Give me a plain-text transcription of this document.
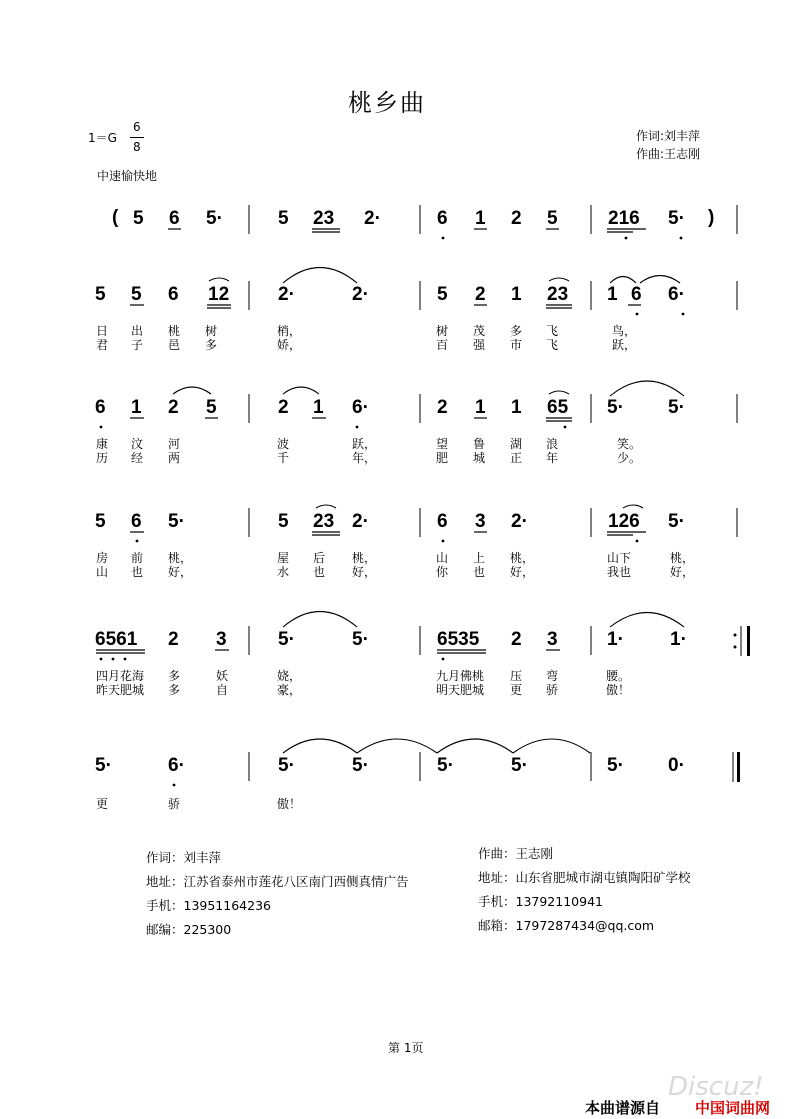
桃乡曲
1＝G
6
8
中速愉快地
作词:刘丰萍
作曲:王志刚
( 5 6 5·	5 23 2·	6 1 2 5	216 5· )
5 5 6 12	2·	2·	5 2 1 23 1 6 6·
日 出 桃 树	梢，	树 茂 多 飞	鸟，
君 子 邑 多	娇，	百 强 市 飞	跃，
6 1 2 5	2 1 6·	2 1 1 65 5· 5·
康 汶 河	波	跃，	望 鲁 湖 浪	笑。
历 经 两	千	年，	肥 城 正 年	少。
5 6 5·	5 23 2·	6 3 2·	126 5·
房 前 桃，	屋 后 桃，	山 上 桃，	山下	桃，
山 也 好，	水 也 好，	你 也 好，	我也	好，
6561 2 3	5·	5·	6535 2 3	1· 1·
四月花海 多	妖	娆，	九月佛桃 压 弯	腰。
昨天肥城 多	自	豪，	明天肥城 更 骄	傲！
5·	6·	5·	5·	5·	5·	5· 0·
更	骄	傲！
作词：刘丰萍
地址：江苏省泰州市莲花八区南门西侧真情广告
手机：13951164236
邮编：225300
作曲：王志刚
地址：山东省肥城市湖屯镇陶阳矿学校
手机：13792110941
邮箱：1797287434@qq.com
第 1页
Discuz!
本曲谱源自 中国词曲网
